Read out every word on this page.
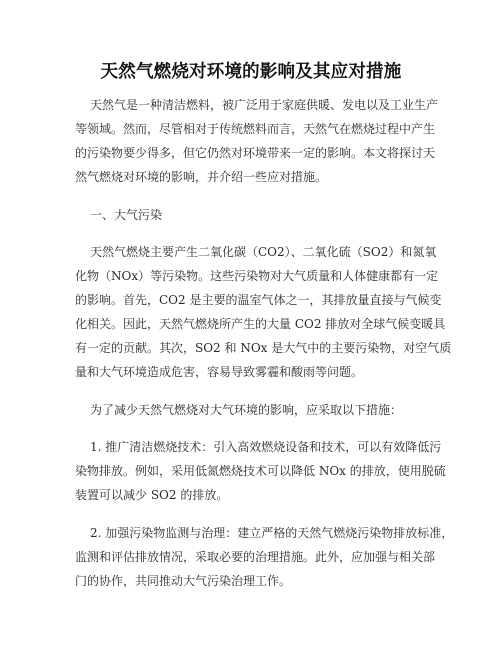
天然气燃烧对环境的影响及其应对措施
天然气是一种清洁燃料，被广泛用于家庭供暖、发电以及工业生产
等领域。然而，尽管相对于传统燃料而言，天然气在燃烧过程中产生
的污染物要少得多，但它仍然对环境带来一定的影响。本文将探讨天
然气燃烧对环境的影响，并介绍一些应对措施。
一、大气污染
天然气燃烧主要产生二氧化碳（CO2）、二氧化硫（SO2）和氮氧
化物（NOx）等污染物。这些污染物对大气质量和人体健康都有一定
的影响。首先，CO2 是主要的温室气体之一，其排放量直接与气候变
化相关。因此，天然气燃烧所产生的大量 CO2 排放对全球气候变暖具
有一定的贡献。其次，SO2 和 NOx 是大气中的主要污染物，对空气质
量和大气环境造成危害，容易导致雾霾和酸雨等问题。
为了减少天然气燃烧对大气环境的影响，应采取以下措施：
1. 推广清洁燃烧技术：引入高效燃烧设备和技术，可以有效降低污
染物排放。例如，采用低氮燃烧技术可以降低 NOx 的排放，使用脱硫
装置可以减少 SO2 的排放。
2. 加强污染物监测与治理：建立严格的天然气燃烧污染物排放标准，
监测和评估排放情况，采取必要的治理措施。此外，应加强与相关部
门的协作，共同推动大气污染治理工作。
